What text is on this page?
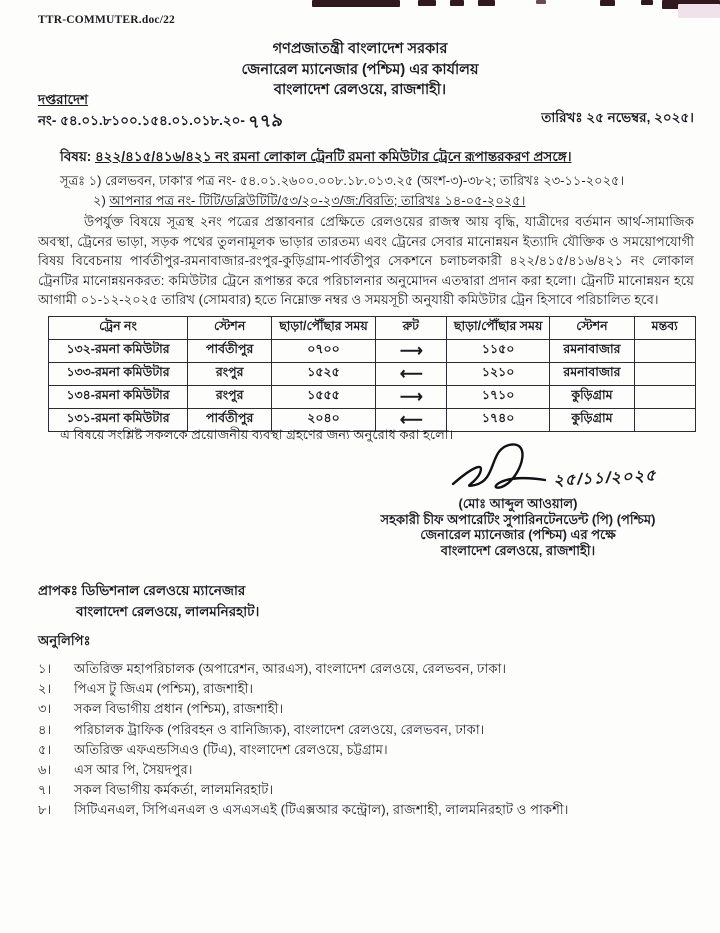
TTR-COMMUTER.doc/22
গণপ্রজাতন্ত্রী বাংলাদেশ সরকার
জেনারেল ম্যানেজার (পশ্চিম) এর কার্যালয়
বাংলাদেশ রেলওয়ে, রাজশাহী।
দপ্তরাদেশ
নং- ৫৪.০১.৮১০০.১৫৪.০১.০১৮.২০- ৭৭৯	তারিখঃ ২৫ নভেম্বর, ২০২৫।
বিষয়: ৪২২/৪১৫/৪১৬/৪২১ নং রমনা লোকাল ট্রেনটি রমনা কমিউটার ট্রেনে রূপান্তরকরণ প্রসঙ্গে।
সূত্রঃ ১) রেলভবন, ঢাকা'র পত্র নং- ৫৪.০১.২৬০০.০০৮.১৮.০১৩.২৫ (অংশ-৩)-৩৮২; তারিখঃ ২৩-১১-২০২৫।
২) আপনার পত্র নং- টিটি/ডব্লিউটিটি/৫৩/২০-২৩/জ:/বিরতি; তারিখঃ ১৪-০৫-২০২৫।
উপর্যুক্ত বিষয়ে সূত্রস্থ ২নং পত্রের প্রস্তাবনার প্রেক্ষিতে রেলওয়ের রাজস্ব আয় বৃদ্ধি, যাত্রীদের বর্তমান আর্থ-সামাজিক অবস্থা, ট্রেনের ভাড়া, সড়ক পথের তুলনামূলক ভাড়ার তারতম্য এবং ট্রেনের সেবার মানোন্নয়ন ইত্যাদি যৌক্তিক ও সময়োপযোগী বিষয় বিবেচনায় পার্বতীপুর-রমনাবাজার-রংপুর-কুড়িগ্রাম-পার্বতীপুর সেকশনে চলাচলকারী ৪২২/৪১৫/৪১৬/৪২১ নং লোকাল ট্রেনটির মানোন্নয়নকরত: কমিউটার ট্রেনে রূপান্তর করে পরিচালনার অনুমোদন এতদ্বারা প্রদান করা হলো। ট্রেনটি মানোন্নয়ন হয়ে আগামী ০১-১২-২০২৫ তারিখ (সোমবার) হতে নিম্নোক্ত নম্বর ও সময়সূচী অনুযায়ী কমিউটার ট্রেন হিসাবে পরিচালিত হবে।
ট্রেন নং	স্টেশন	ছাড়া/পৌঁছার সময়	রুট	ছাড়া/পৌঁছার সময়	স্টেশন	মন্তব্য
১৩২-রমনা কমিউটার	পার্বতীপুর	০৭০০	⟶	১১৫০	রমনাবাজার	
১৩৩-রমনা কমিউটার	রংপুর	১৫২৫	⟵	১২১০	রমনাবাজার	
১৩৪-রমনা কমিউটার	রংপুর	১৫৫৫	⟶	১৭১০	কুড়িগ্রাম	
১৩১-রমনা কমিউটার	পার্বতীপুর	২০৪০	⟵	১৭৪০	কুড়িগ্রাম	
এ বিষয়ে সংশ্লিষ্ট সকলকে প্রয়োজনীয় ব্যবস্থা গ্রহণের জন্য অনুরোধ করা হলো।
২৫/১১/২০২৫
(মোঃ আব্দুল আওয়াল)
সহকারী চীফ অপারেটিং সুপারিনটেনডেন্ট (পি) (পশ্চিম)
জেনারেল ম্যানেজার (পশ্চিম) এর পক্ষে
বাংলাদেশ রেলওয়ে, রাজশাহী।
প্রাপকঃ ডিভিশনাল রেলওয়ে ম্যানেজার
বাংলাদেশ রেলওয়ে, লালমনিরহাট।
অনুলিপিঃ
১।	অতিরিক্ত মহাপরিচালক (অপারেশন, আরএস), বাংলাদেশ রেলওয়ে, রেলভবন, ঢাকা।
২।	পিএস টু জিএম (পশ্চিম), রাজশাহী।
৩।	সকল বিভাগীয় প্রধান (পশ্চিম), রাজশাহী।
৪।	পরিচালক ট্রাফিক (পরিবহন ও বানিজ্যিক), বাংলাদেশ রেলওয়ে, রেলভবন, ঢাকা।
৫।	অতিরিক্ত এফএন্ডসিএও (টিএ), বাংলাদেশ রেলওয়ে, চট্টগ্রাম।
৬।	এস আর পি, সৈয়দপুর।
৭।	সকল বিভাগীয় কর্মকর্তা, লালমনিরহাট।
৮।	সিটিএনএল, সিপিএনএল ও এসএসএই (টিএক্সআর কন্ট্রোল), রাজশাহী, লালমনিরহাট ও পাকশী।
